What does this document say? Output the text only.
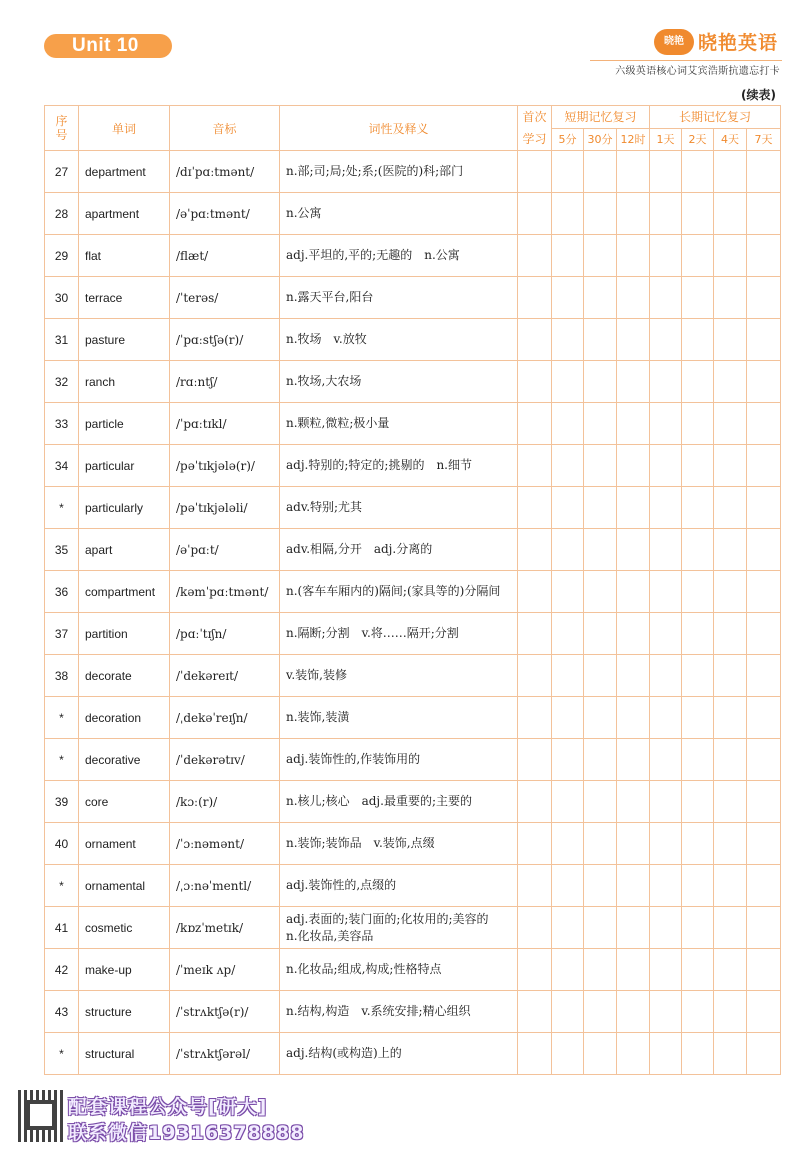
Unit 10	晓艳 晓艳英语
六级英语核心词艾宾浩斯抗遗忘打卡
(续表)
序号	单词	音标	词性及释义	首次学习	短期记忆复习			长期记忆复习			
					5分	30分	12时	1天	2天	4天	7天
27	department	/dɪˈpɑːtmənt/	n.部;司;局;处;系;(医院的)科;部门								
28	apartment	/əˈpɑːtmənt/	n.公寓								
29	flat	/flæt/	adj.平坦的,平的;无趣的　n.公寓								
30	terrace	/ˈterəs/	n.露天平台,阳台								
31	pasture	/ˈpɑːstʃə(r)/	n.牧场　v.放牧								
32	ranch	/rɑːntʃ/	n.牧场,大农场								
33	particle	/ˈpɑːtɪkl/	n.颗粒,微粒;极小量								
34	particular	/pəˈtɪkjələ(r)/	adj.特别的;特定的;挑剔的　n.细节								
*	particularly	/pəˈtɪkjələli/	adv.特别;尤其								
35	apart	/əˈpɑːt/	adv.相隔,分开　adj.分离的								
36	compartment	/kəmˈpɑːtmənt/	n.(客车车厢内的)隔间;(家具等的)分隔间								
37	partition	/pɑːˈtɪʃn/	n.隔断;分割　v.将……隔开;分割								
38	decorate	/ˈdekəreɪt/	v.装饰,装修								
*	decoration	/ˌdekəˈreɪʃn/	n.装饰,装潢								
*	decorative	/ˈdekərətɪv/	adj.装饰性的,作装饰用的								
39	core	/kɔː(r)/	n.核儿;核心　adj.最重要的;主要的								
40	ornament	/ˈɔːnəmənt/	n.装饰;装饰品　v.装饰,点缀								
*	ornamental	/ˌɔːnəˈmentl/	adj.装饰性的,点缀的								
41	cosmetic	/kɒzˈmetɪk/	adj.表面的;装门面的;化妆用的;美容的　n.化妆品,美容品								
42	make-up	/ˈmeɪk ʌp/	n.化妆品;组成,构成;性格特点								
43	structure	/ˈstrʌktʃə(r)/	n.结构,构造　v.系统安排;精心组织								
*	structural	/ˈstrʌktʃərəl/	adj.结构(或构造)上的								
配套课程公众号[研大]
联系微信19316378888
